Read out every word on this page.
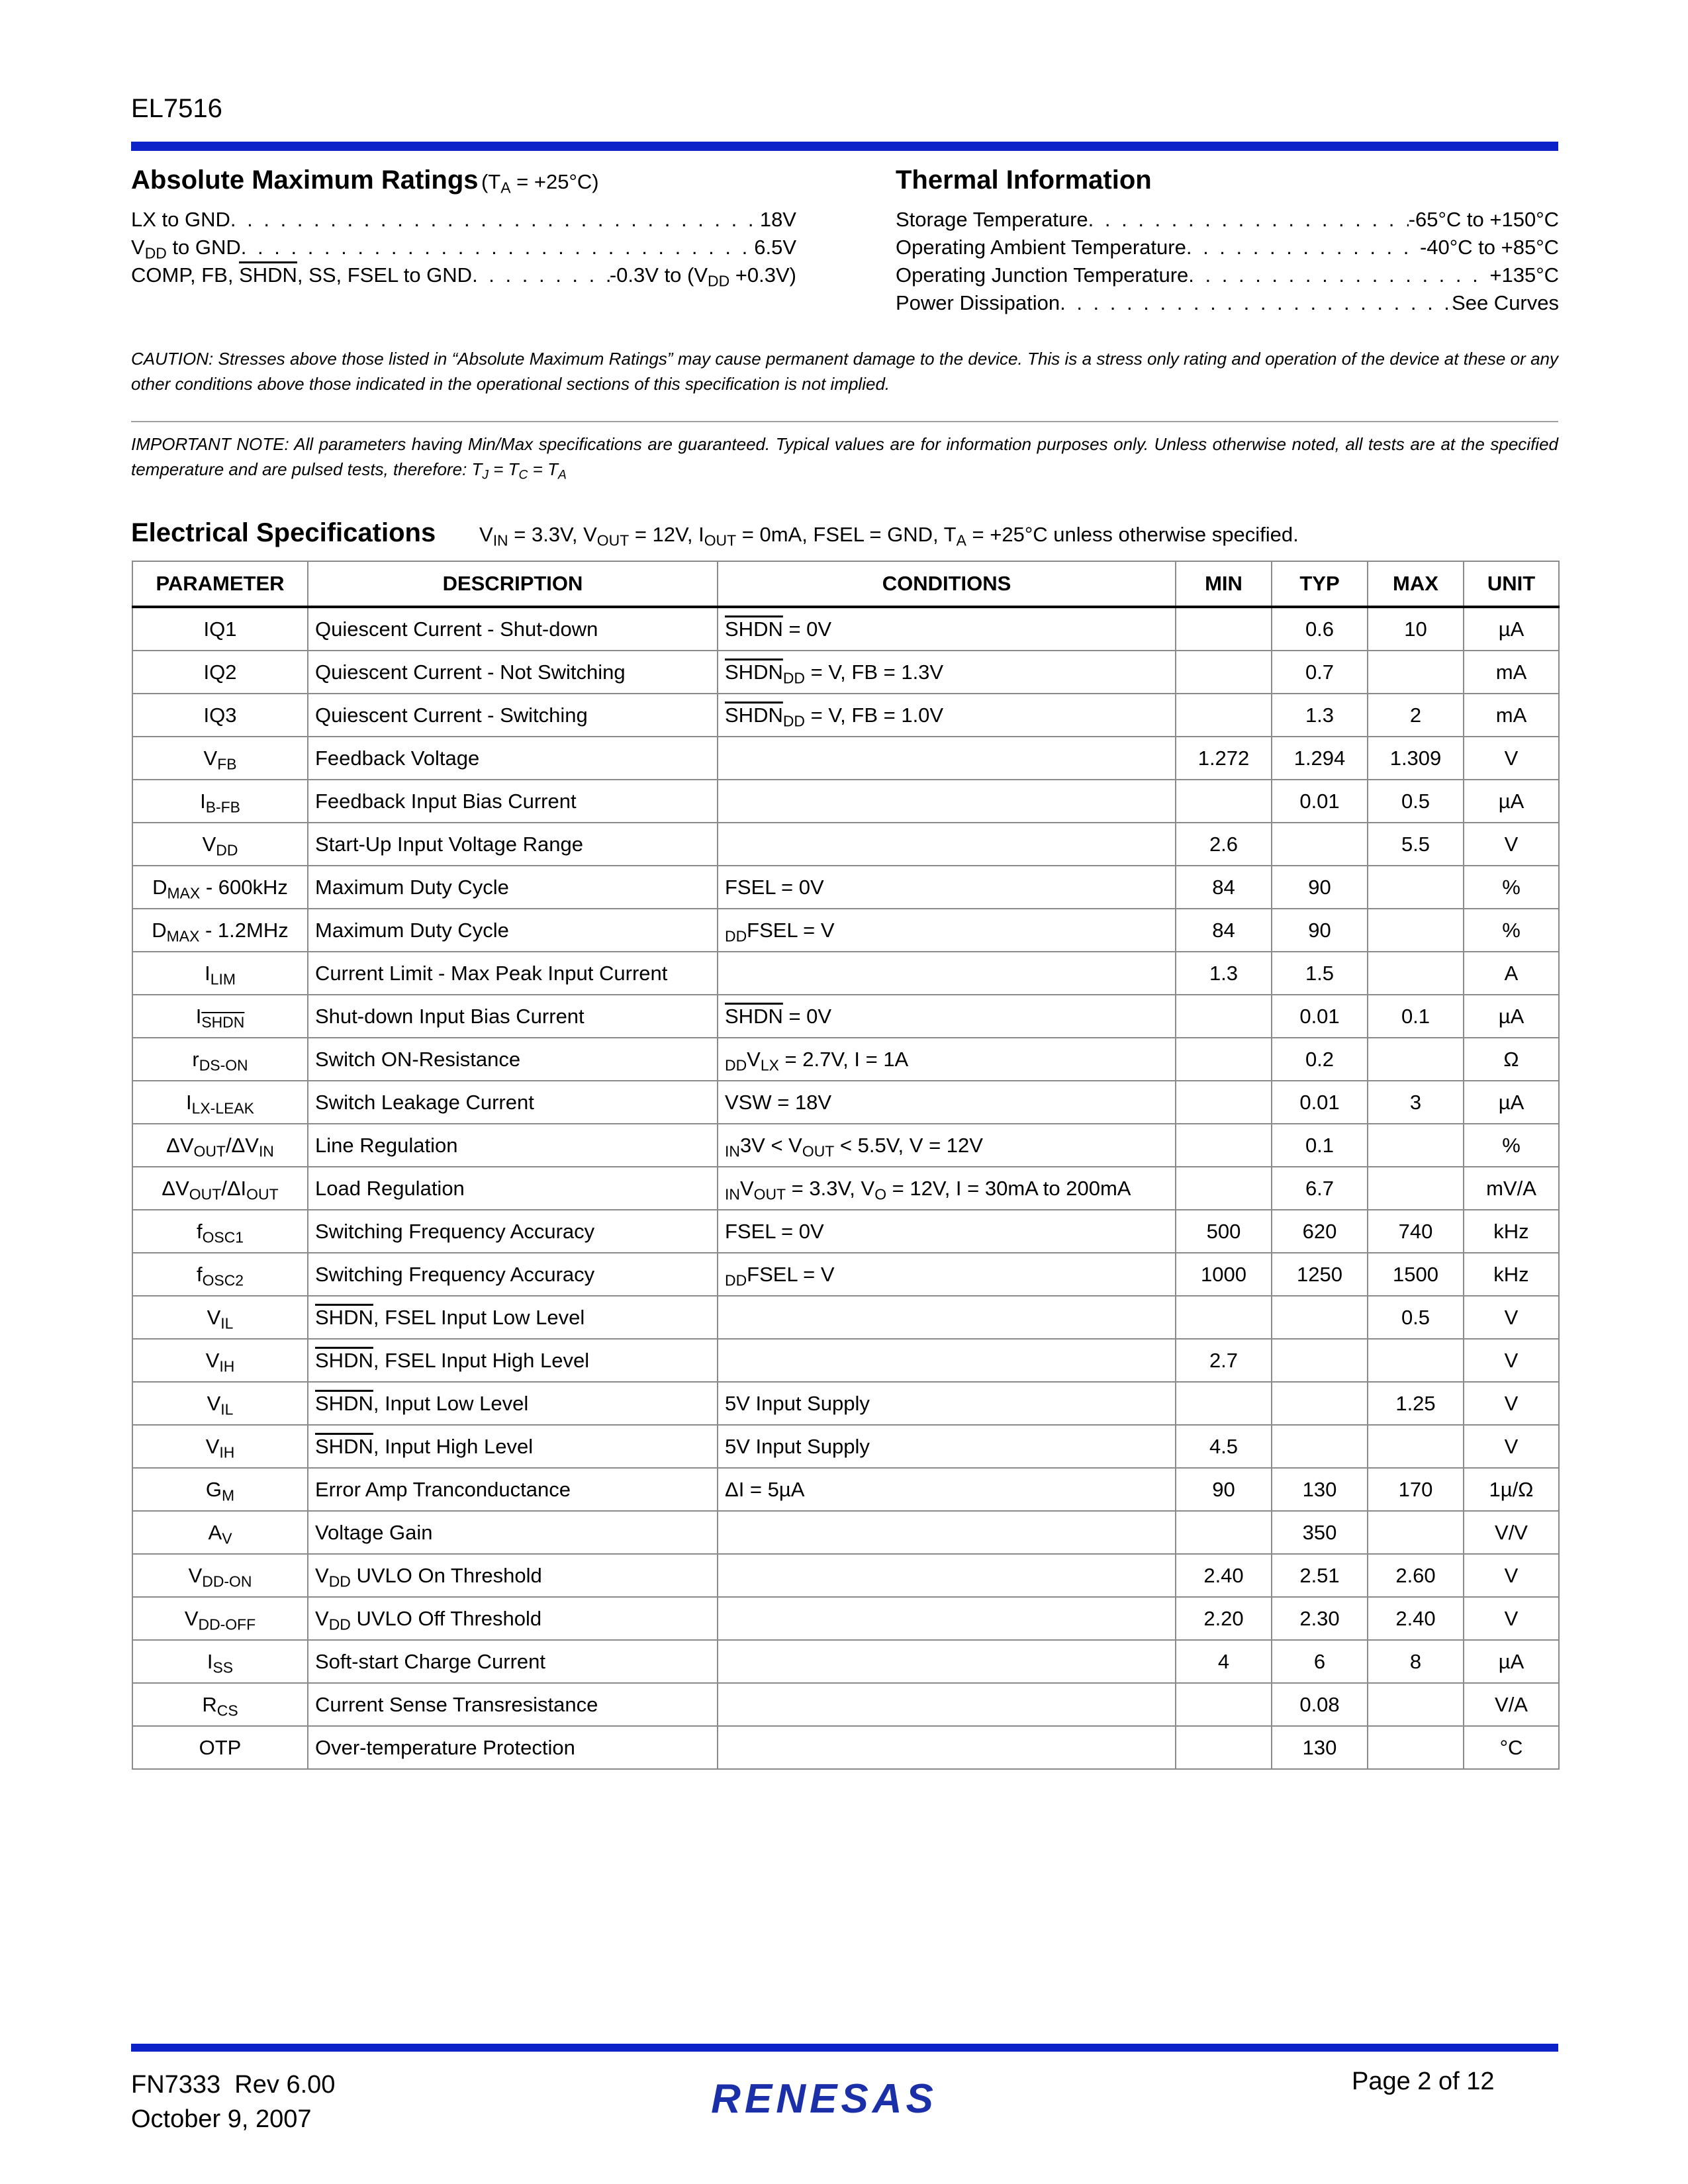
EL7516
Absolute Maximum Ratings $(T_A = +25^\circ C)$
LX to GND . . .	18V
$V_{DD}$ to GND . . .	6.5V
COMP, FB, SHDN, SS, FSEL to GND . . .	-0.3V to $(V_{DD} +0.3V)$
Thermal Information
Storage Temperature . . .	-65°C to +150°C
Operating Ambient Temperature . . .	-40°C to +85°C
Operating Junction Temperature . . .	+135°C
Power Dissipation . . .	See Curves
CAUTION: Stresses above those listed in “Absolute Maximum Ratings” may cause permanent damage to the device. This is a stress only rating and operation of the device at these or any other conditions above those indicated in the operational sections of this specification is not implied.
IMPORTANT NOTE: All parameters having Min/Max specifications are guaranteed. Typical values are for information purposes only. Unless otherwise noted, all tests are at the specified temperature and are pulsed tests, therefore: $T_J = T_C = T_A$
Electrical Specifications $V_{IN} = 3.3V$, $V_{OUT} = 12V$, $I_{OUT} = 0mA$, FSEL = GND, $T_A = +25^\circ C$ unless otherwise specified.
PARAMETER	DESCRIPTION	CONDITIONS	MIN	TYP	MAX	UNIT
IQ1	Quiescent Current - Shut-down	SHDN = 0V		0.6	10	µA
IQ2	Quiescent Current - Not Switching	$SHDN_{DD} = V$, FB = 1.3V		0.7		mA
IQ3	Quiescent Current - Switching	$SHDN_{DD} = V$, FB = 1.0V		1.3	2	mA
$V_{FB}$	Feedback Voltage		1.272	1.294	1.309	V
$I_{B-FB}$	Feedback Input Bias Current			0.01	0.5	µA
$V_{DD}$	Start-Up Input Voltage Range		2.6		5.5	V
$D_{MAX} - 600kHz$	Maximum Duty Cycle	FSEL = 0V	84	90		%
$D_{MAX} - 1.2MHz$	Maximum Duty Cycle	$_{DD}$FSEL = V	84	90		%
$I_{LIM}$	Current Limit - Max Peak Input Current		1.3	1.5		A
$I_{SHDN}$	Shut-down Input Bias Current	SHDN = 0V		0.01	0.1	µA
$r_{DS-ON}$	Switch ON-Resistance	$_{DD}V_{LX} = 2.7V$, I = 1A		0.2		Ω
$I_{LX-LEAK}$	Switch Leakage Current	VSW = 18V		0.01	3	µA
$\Delta V_{OUT}/\Delta V_{IN}$	Line Regulation	$_{IN}3V < V_{OUT} < 5.5V$, V = 12V		0.1		%
$\Delta V_{OUT}/\Delta I_{OUT}$	Load Regulation	$_{IN}V_{OUT} = 3.3V$, $V_O = 12V$, I = 30mA to 200mA		6.7		mV/A
$f_{OSC1}$	Switching Frequency Accuracy	FSEL = 0V	500	620	740	kHz
$f_{OSC2}$	Switching Frequency Accuracy	$_{DD}$FSEL = V	1000	1250	1500	kHz
$V_{IL}$	SHDN, FSEL Input Low Level				0.5	V
$V_{IH}$	SHDN, FSEL Input High Level		2.7			V
$V_{IL}$	SHDN, Input Low Level	5V Input Supply			1.25	V
$V_{IH}$	SHDN, Input High Level	5V Input Supply	4.5			V
$G_M$	Error Amp Tranconductance	ΔI = 5µA	90	130	170	1µ/Ω
$A_V$	Voltage Gain			350		V/V
$V_{DD-ON}$	$V_{DD}$ UVLO On Threshold		2.40	2.51	2.60	V
$V_{DD-OFF}$	$V_{DD}$ UVLO Off Threshold		2.20	2.30	2.40	V
$I_{SS}$	Soft-start Charge Current		4	6	8	µA
$R_{CS}$	Current Sense Transresistance			0.08		V/A
OTP	Over-temperature Protection			130		°C
FN7333  Rev 6.00
October 9, 2007	RENESAS	Page 2 of 12
